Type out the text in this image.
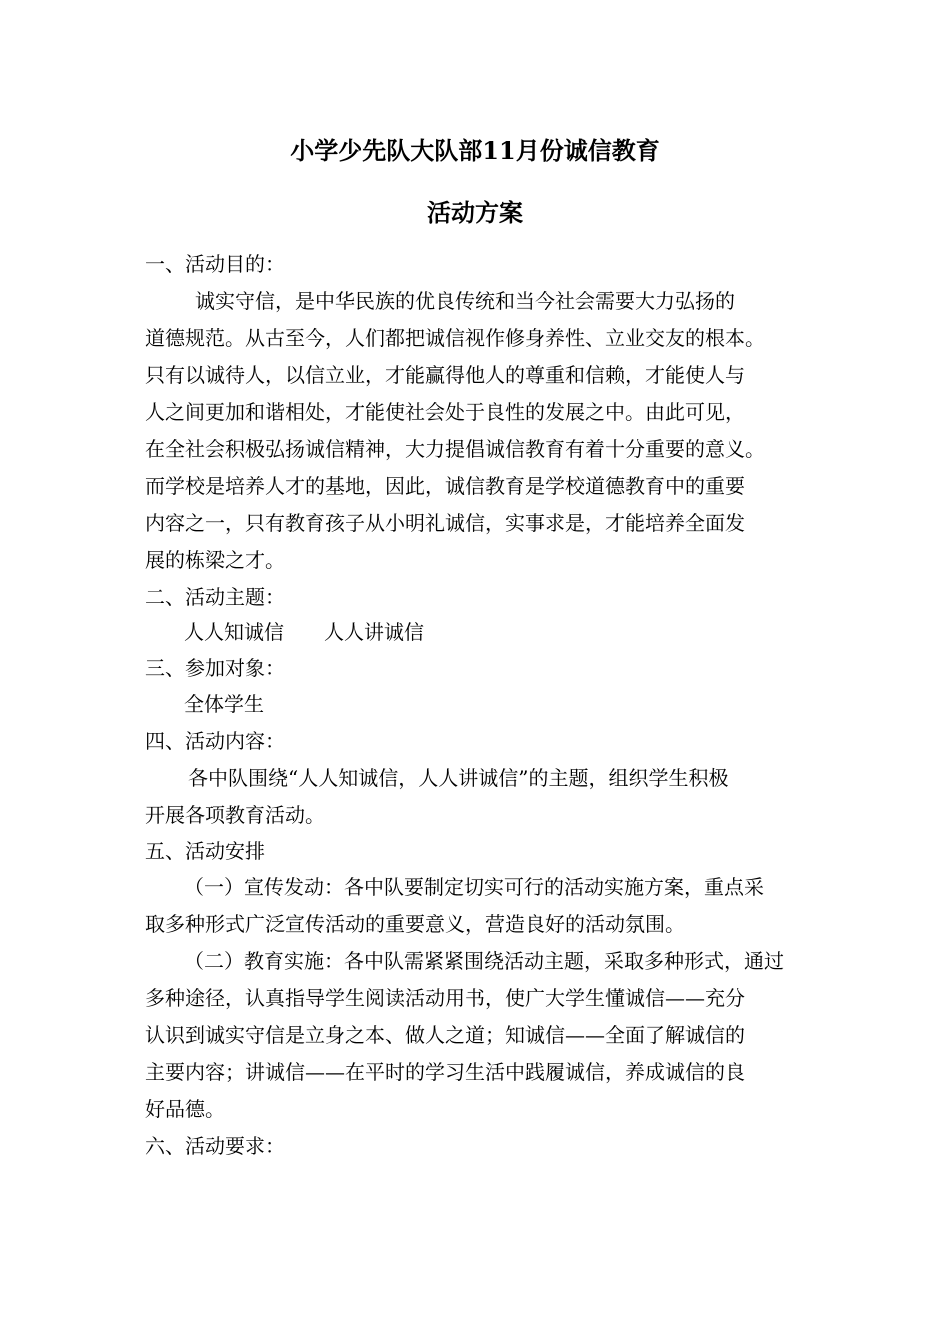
小学少先队大队部11月份诚信教育
活动方案
一、活动目的：
诚实守信，是中华民族的优良传统和当今社会需要大力弘扬的
道德规范。从古至今，人们都把诚信视作修身养性、立业交友的根本。
只有以诚待人，以信立业，才能赢得他人的尊重和信赖，才能使人与
人之间更加和谐相处，才能使社会处于良性的发展之中。由此可见，
在全社会积极弘扬诚信精神，大力提倡诚信教育有着十分重要的意义。
而学校是培养人才的基地，因此，诚信教育是学校道德教育中的重要
内容之一，只有教育孩子从小明礼诚信，实事求是，才能培养全面发
展的栋梁之才。
二、活动主题：
人人知诚信　　人人讲诚信
三、参加对象：
全体学生
四、活动内容：
各中队围绕“人人知诚信，人人讲诚信”的主题，组织学生积极
开展各项教育活动。
五、活动安排
（一）宣传发动：各中队要制定切实可行的活动实施方案，重点采
取多种形式广泛宣传活动的重要意义，营造良好的活动氛围。
（二）教育实施：各中队需紧紧围绕活动主题，采取多种形式，通过
多种途径，认真指导学生阅读活动用书，使广大学生懂诚信——充分
认识到诚实守信是立身之本、做人之道；知诚信——全面了解诚信的
主要内容；讲诚信——在平时的学习生活中践履诚信，养成诚信的良
好品德。
六、活动要求：
